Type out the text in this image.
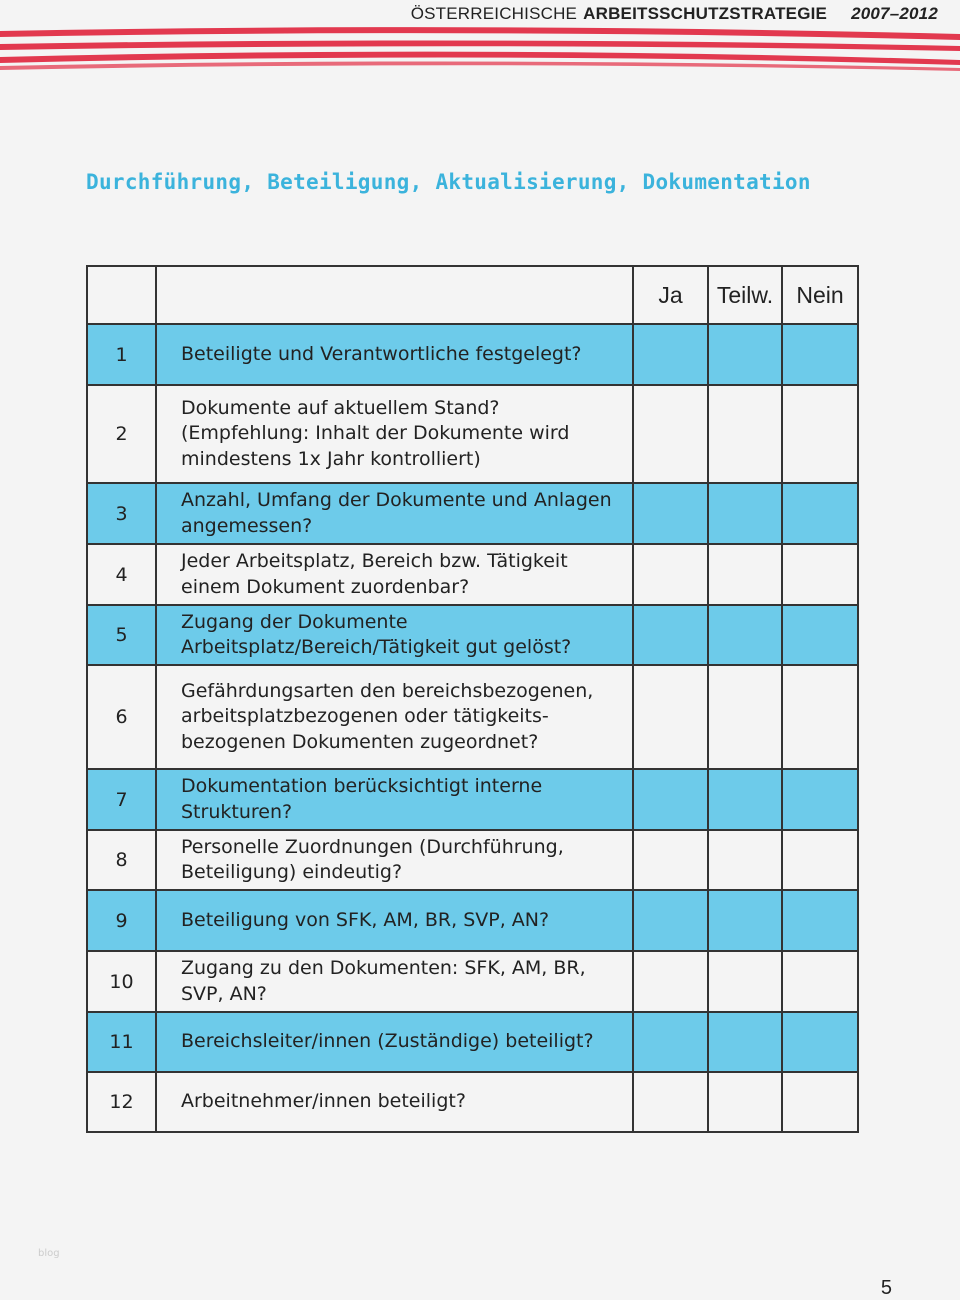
ÖSTERREICHISCHE ARBEITSSCHUTZSTRATEGIE 2007–2012
Durchführung, Beteiligung, Aktualisierung, Dokumentation
		Ja	Teilw.	Nein
1	Beteiligte und Verantwortliche festgelegt?			
2	Dokumente auf aktuellem Stand?
(Empfehlung: Inhalt der Dokumente wird
mindestens 1x Jahr kontrolliert)			
3	Anzahl, Umfang der Dokumente und Anlagen
angemessen?			
4	Jeder Arbeitsplatz, Bereich bzw. Tätigkeit
einem Dokument zuordenbar?			
5	Zugang der Dokumente
Arbeitsplatz/Bereich/Tätigkeit gut gelöst?			
6	Gefährdungsarten den bereichsbezogenen,
arbeitsplatzbezogenen oder tätigkeits-
bezogenen Dokumenten zugeordnet?			
7	Dokumentation berücksichtigt interne
Strukturen?			
8	Personelle Zuordnungen (Durchführung,
Beteiligung) eindeutig?			
9	Beteiligung von SFK, AM, BR, SVP, AN?			
10	Zugang zu den Dokumenten: SFK, AM, BR,
SVP, AN?			
11	Bereichsleiter/innen (Zuständige) beteiligt?			
12	Arbeitnehmer/innen beteiligt?			
blog
5
